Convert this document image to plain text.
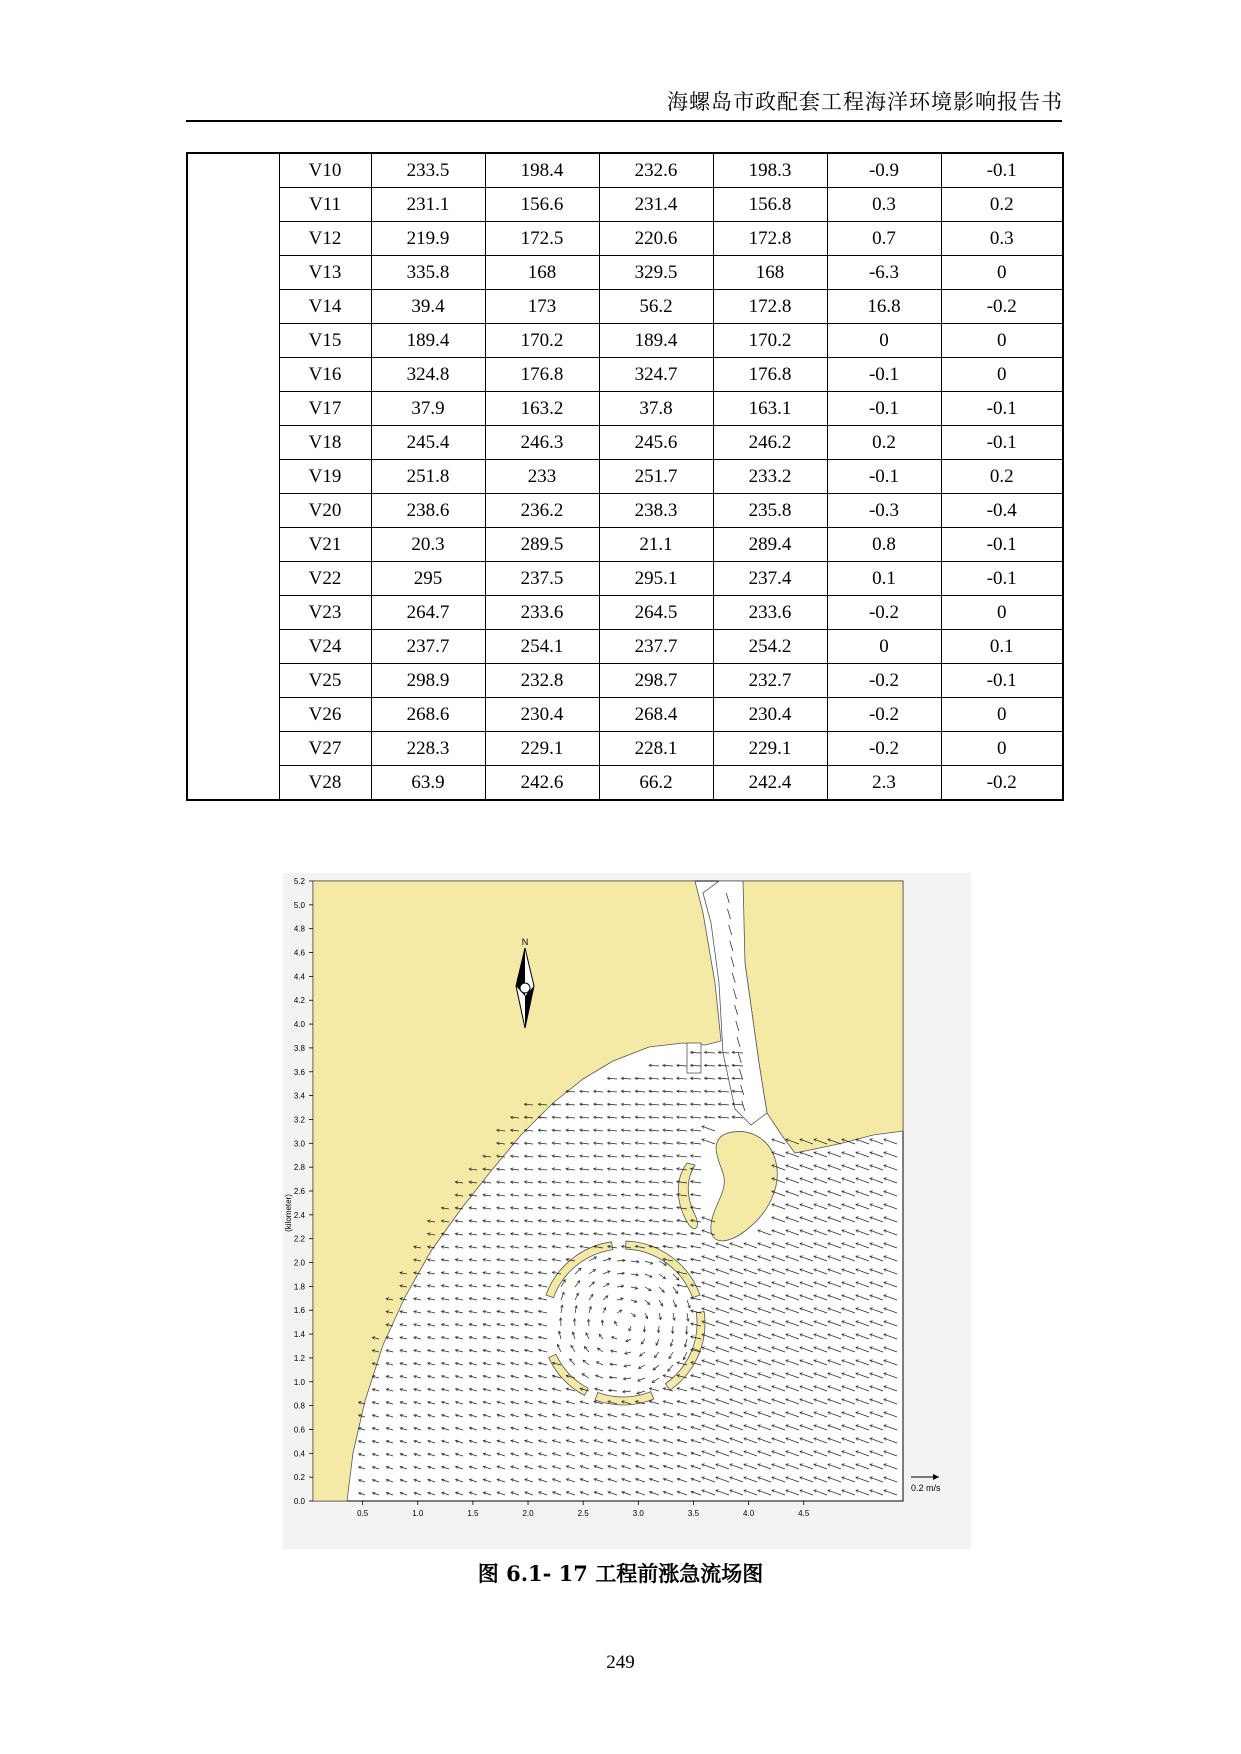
海螺岛市政配套工程海洋环境影响报告书
	V10	233.5	198.4	232.6	198.3	-0.9	-0.1
	V11	231.1	156.6	231.4	156.8	0.3	0.2
	V12	219.9	172.5	220.6	172.8	0.7	0.3
	V13	335.8	168	329.5	168	-6.3	0
	V14	39.4	173	56.2	172.8	16.8	-0.2
	V15	189.4	170.2	189.4	170.2	0	0
	V16	324.8	176.8	324.7	176.8	-0.1	0
	V17	37.9	163.2	37.8	163.1	-0.1	-0.1
	V18	245.4	246.3	245.6	246.2	0.2	-0.1
	V19	251.8	233	251.7	233.2	-0.1	0.2
	V20	238.6	236.2	238.3	235.8	-0.3	-0.4
	V21	20.3	289.5	21.1	289.4	0.8	-0.1
	V22	295	237.5	295.1	237.4	0.1	-0.1
	V23	264.7	233.6	264.5	233.6	-0.2	0
	V24	237.7	254.1	237.7	254.2	0	0.1
	V25	298.9	232.8	298.7	232.7	-0.2	-0.1
	V26	268.6	230.4	268.4	230.4	-0.2	0
	V27	228.3	229.1	228.1	229.1	-0.2	0
	V28	63.9	242.6	66.2	242.4	2.3	-0.2
0.0
0.2
0.4
0.6
0.8
1.0
1.2
1.4
1.6
1.8
2.0
2.2
2.4
2.6
2.8
3.0
3.2
3.4
3.6
3.8
4.0
4.2
4.4
4.6
4.8
5.0
5.2
0.5	1.0	1.5	2.0	2.5	3.0	3.5	4.0	4.5
N
0.2 m/s
(kilometer)
图 6.1- 17 工程前涨急流场图
249
